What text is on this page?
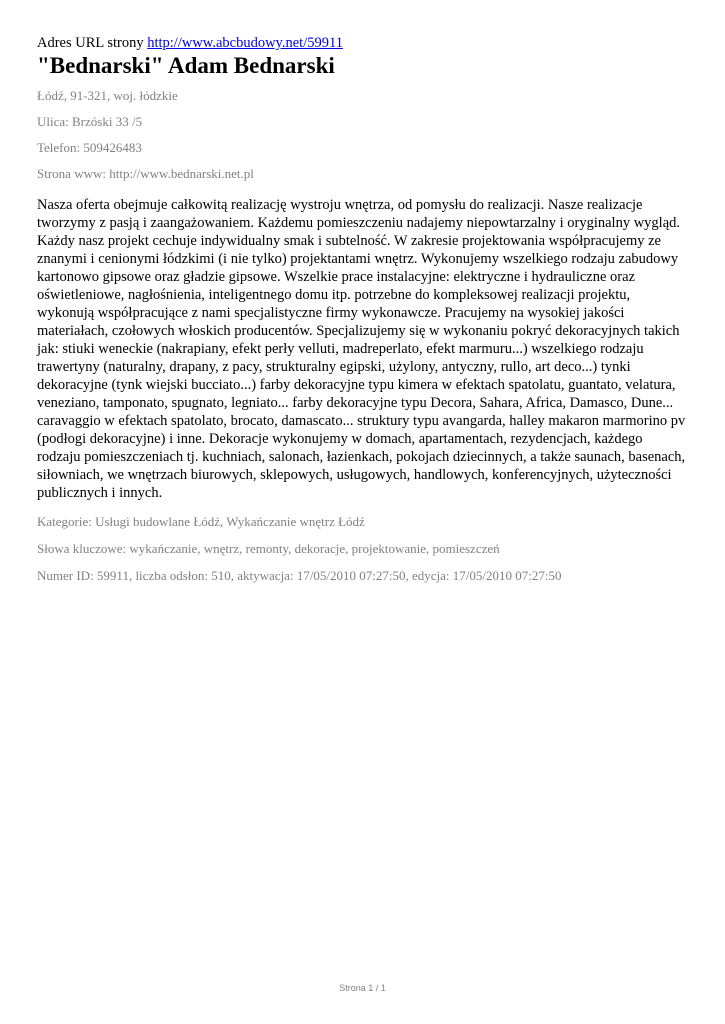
Adres URL strony http://www.abcbudowy.net/59911

"Bednarski" Adam Bednarski

Łódź, 91-321, woj. łódzkie

Ulica: Brzóski 33 /5

Telefon: 509426483

Strona www: http://www.bednarski.net.pl

Nasza oferta obejmuje całkowitą realizację wystroju wnętrza, od pomysłu do realizacji. Nasze realizacje tworzymy z pasją i zaangażowaniem. Każdemu pomieszczeniu nadajemy niepowtarzalny i oryginalny wygląd. Każdy nasz projekt cechuje indywidualny smak i subtelność. W zakresie projektowania współpracujemy ze znanymi i cenionymi łódzkimi (i nie tylko) projektantami wnętrz. Wykonujemy wszelkiego rodzaju zabudowy kartonowo gipsowe oraz gładzie gipsowe. Wszelkie prace instalacyjne: elektryczne i hydrauliczne oraz oświetleniowe, nagłośnienia, inteligentnego domu itp. potrzebne do kompleksowej realizacji projektu, wykonują współpracujące z nami specjalistyczne firmy wykonawcze. Pracujemy na wysokiej jakości materiałach, czołowych włoskich producentów. Specjalizujemy się w wykonaniu pokryć dekoracyjnych takich jak: stiuki weneckie (nakrapiany, efekt perły velluti, madreperlato, efekt marmuru...) wszelkiego rodzaju trawertyny (naturalny, drapany, z pacy, strukturalny egipski, użylony, antyczny, rullo, art deco...) tynki dekoracyjne (tynk wiejski bucciato...) farby dekoracyjne typu kimera w efektach spatolatu, guantato, velatura, veneziano, tamponato, spugnato, legniato... farby dekoracyjne typu Decora, Sahara, Africa, Damasco, Dune... caravaggio w efektach spatolato, brocato, damascato... struktury typu avangarda, halley makaron marmorino pv (podłogi dekoracyjne) i inne. Dekoracje wykonujemy w domach, apartamentach, rezydencjach, każdego rodzaju pomieszczeniach tj. kuchniach, salonach, łazienkach, pokojach dziecinnych, a także saunach, basenach, siłowniach, we wnętrzach biurowych, sklepowych, usługowych, handlowych, konferencyjnych, użyteczności publicznych i innych.

Kategorie: Usługi budowlane Łódź, Wykańczanie wnętrz Łódź

Słowa kluczowe: wykańczanie, wnętrz, remonty, dekoracje, projektowanie, pomieszczeń

Numer ID: 59911, liczba odsłon: 510, aktywacja: 17/05/2010 07:27:50, edycja: 17/05/2010 07:27:50

Strona 1 / 1
